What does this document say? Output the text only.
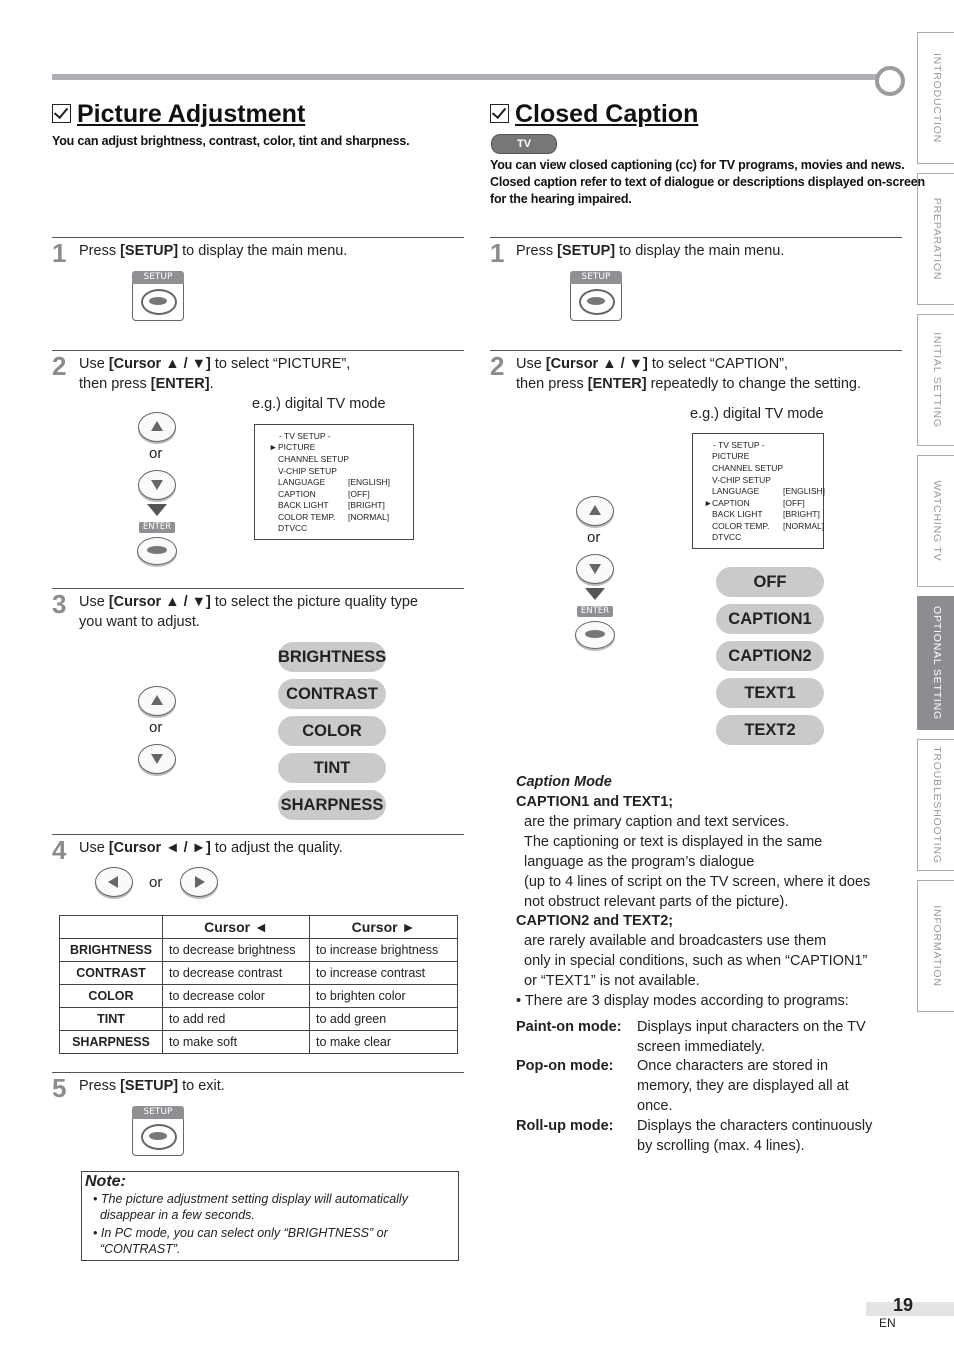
INTRODUCTION
PREPARATION
INITIAL SETTING
WATCHING TV
OPTIONAL SETTING
TROUBLESHOOTING
INFORMATION
Picture Adjustment
You can adjust brightness, contrast, color, tint and sharpness.
1 Press [SETUP] to display the main menu.
SETUP
2 Use [Cursor ▲ / ▼] to select “PICTURE”,
then press [ENTER].
e.g.) digital TV mode
or
ENTER
- TV SETUP -
► PICTURE
CHANNEL SETUP
V-CHIP SETUP
LANGUAGE	[ENGLISH]
CAPTION	[OFF]
BACK LIGHT [BRIGHT]
COLOR TEMP. [NORMAL]
DTVCC
3 Use [Cursor ▲ / ▼] to select the picture quality type
you want to adjust.
or
BRIGHTNESS
CONTRAST
COLOR
TINT
SHARPNESS
4 Use [Cursor ◄ / ►] to adjust the quality.
or
	Cursor ◄	Cursor ►
BRIGHTNESS	to decrease brightness	to increase brightness
CONTRAST	to decrease contrast	to increase contrast
COLOR	to decrease color	to brighten color
TINT	to add red	to add green
SHARPNESS	to make soft	to make clear
5 Press [SETUP] to exit.
SETUP
Note:
• The picture adjustment setting display will automatically
disappear in a few seconds.
• In PC mode, you can select only “BRIGHTNESS” or
“CONTRAST”.
Closed Caption
TV
You can view closed captioning (cc) for TV programs, movies and news.
Closed caption refer to text of dialogue or descriptions displayed on-screen
for the hearing impaired.
1 Press [SETUP] to display the main menu.
SETUP
2 Use [Cursor ▲ / ▼] to select “CAPTION”,
then press [ENTER] repeatedly to change the setting.
e.g.) digital TV mode
- TV SETUP -
PICTURE
CHANNEL SETUP
V-CHIP SETUP
LANGUAGE	[ENGLISH]
► CAPTION	[OFF]
BACK LIGHT [BRIGHT]
COLOR TEMP. [NORMAL]
DTVCC
or
ENTER
OFF
CAPTION1
CAPTION2
TEXT1
TEXT2
Caption Mode
CAPTION1 and TEXT1;
are the primary caption and text services.
The captioning or text is displayed in the same
language as the program’s dialogue
(up to 4 lines of script on the TV screen, where it does
not obstruct relevant parts of the picture).
CAPTION2 and TEXT2;
are rarely available and broadcasters use them
only in special conditions, such as when “CAPTION1”
or “TEXT1” is not available.
• There are 3 display modes according to programs:
Paint-on mode: Displays input characters on the TV
screen immediately.
Pop-on mode: Once characters are stored in
memory, they are displayed all at
once.
Roll-up mode: Displays the characters continuously
by scrolling (max. 4 lines).
19
EN
